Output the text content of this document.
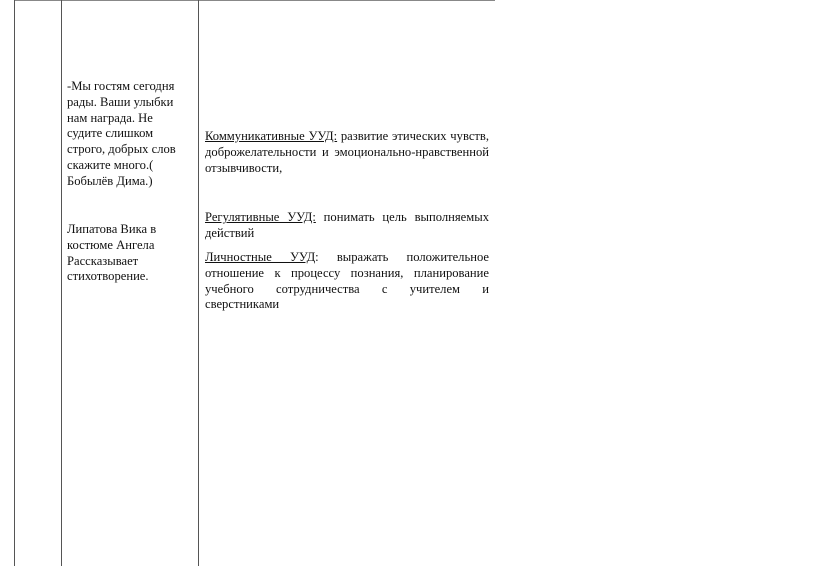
-Мы гостям сегодня
рады. Ваши улыбки
нам награда. Не
судите слишком
строго, добрых слов
скажите много.(
Бобылёв Дима.)
Липатова Вика в
костюме Ангела
Рассказывает
стихотворение.

Коммуникативные УУД: развитие этических чувств, доброжелательности и эмоционально-нравственной отзывчивости,

Регулятивные УУД: понимать цель выполняемых действий

Личностные УУД: выражать положительное отношение к процессу познания, планирование учебного сотрудничества с учителем и сверстниками
